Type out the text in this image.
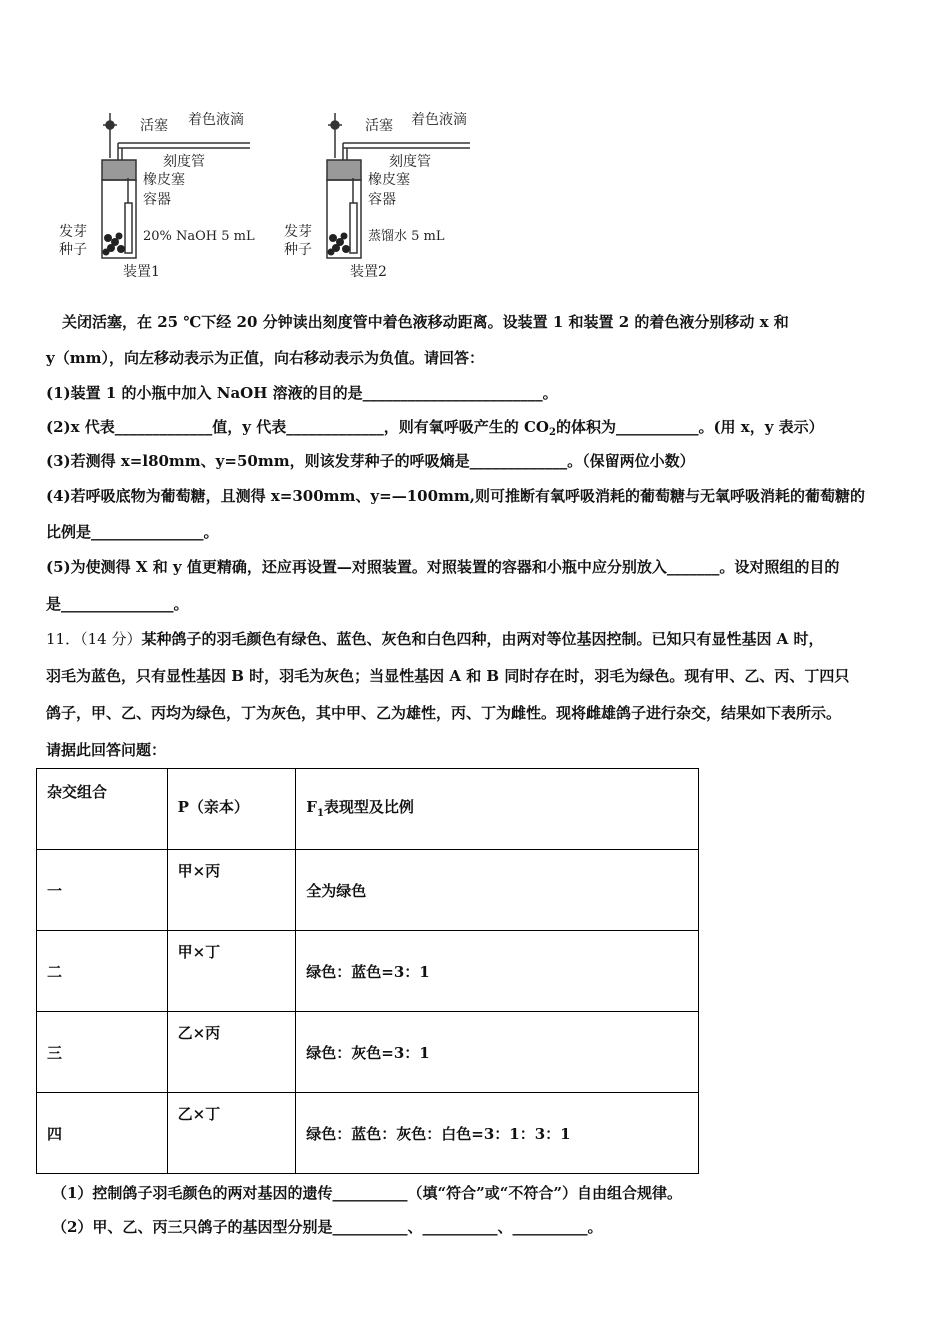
活塞 着色液滴
刻度管
橡皮塞
容器
发芽
种子
20% NaOH 5 mL
装置1
活塞 着色液滴
刻度管
橡皮塞
容器
发芽
种子
蒸馏水 5 mL
装置2
关闭活塞，在 25 ℃下经 20 分钟读出刻度管中着色液移动距离。设装置 1 和装置 2 的着色液分别移动 x 和
y（mm），向左移动表示为正值，向右移动表示为负值。请回答：
(1)装置 1 的小瓶中加入 NaOH 溶液的目的是________________________。
(2)x 代表_____________值，y 代表_____________，则有氧呼吸产生的 $CO_2$的体积为___________。(用 x，y 表示）
(3)若测得 x=l80mm、y=50mm，则该发芽种子的呼吸熵是_____________。（保留两位小数）
(4)若呼吸底物为葡萄糖，且测得 x=300mm、y=—100mm,则可推断有氧呼吸消耗的葡萄糖与无氧呼吸消耗的葡萄糖的
比例是_______________。
(5)为使测得 X 和 y 值更精确，还应再设置—对照装置。对照装置的容器和小瓶中应分别放入_______。设对照组的目的
是_______________。
11．（14 分）某种鸽子的羽毛颜色有绿色、蓝色、灰色和白色四种，由两对等位基因控制。已知只有显性基因 A 时，
羽毛为蓝色，只有显性基因 B 时，羽毛为灰色；当显性基因 A 和 B 同时存在时，羽毛为绿色。现有甲、乙、丙、丁四只
鸽子，甲、乙、丙均为绿色，丁为灰色，其中甲、乙为雄性，丙、丁为雌性。现将雌雄鸽子进行杂交，结果如下表所示。
请据此回答问题：
杂交组合	P（亲本）	$F_1$表现型及比例

一	甲×丙	全为绿色

二	甲×丁	绿色：蓝色=3：1

三	乙×丙	绿色：灰色=3：1

四	乙×丁	绿色：蓝色：灰色：白色=3：1：3：1
（1）控制鸽子羽毛颜色的两对基因的遗传__________（填“符合”或“不符合”）自由组合规律。
（2）甲、乙、丙三只鸽子的基因型分别是__________、__________、__________。
